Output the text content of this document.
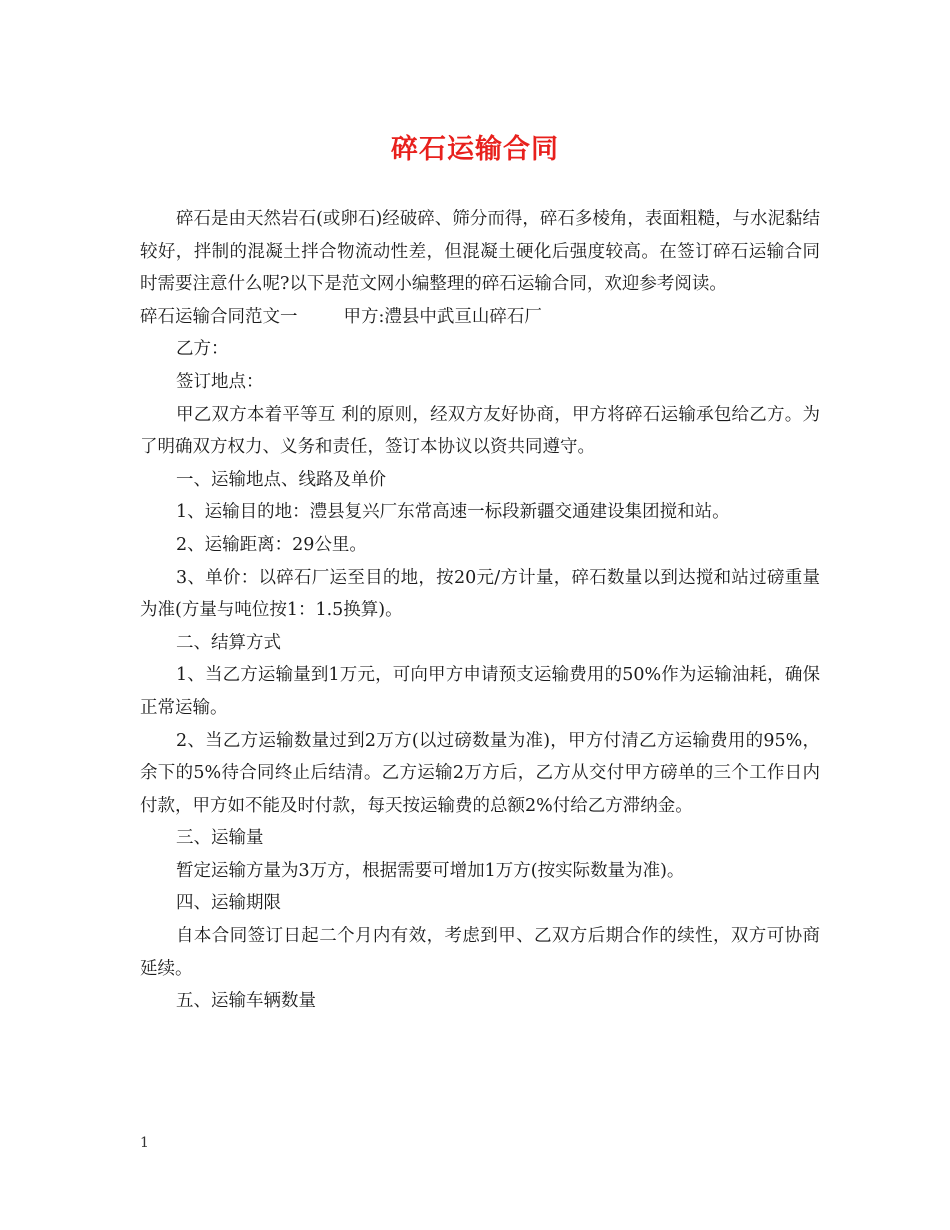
碎石运输合同

碎石是由天然岩石(或卵石)经破碎、筛分而得，碎石多棱角，表面粗糙，与水泥黏结较好，拌制的混凝土拌合物流动性差，但混凝土硬化后强度较高。在签订碎石运输合同时需要注意什么呢?以下是范文网小编整理的碎石运输合同，欢迎参考阅读。

碎石运输合同范文一	甲方:澧县中武亘山碎石厂

乙方：

签订地点：

甲乙双方本着平等互 利的原则，经双方友好协商，甲方将碎石运输承包给乙方。为了明确双方权力、义务和责任，签订本协议以资共同遵守。

一、运输地点、线路及单价

1、运输目的地：澧县复兴厂东常高速一标段新疆交通建设集团搅和站。

2、运输距离：29公里。

3、单价：以碎石厂运至目的地，按20元/方计量，碎石数量以到达搅和站过磅重量为准(方量与吨位按1：1.5换算)。

二、结算方式

1、当乙方运输量到1万元，可向甲方申请预支运输费用的50%作为运输油耗，确保正常运输。

2、当乙方运输数量过到2万方(以过磅数量为准)，甲方付清乙方运输费用的95%，余下的5%待合同终止后结清。乙方运输2万方后，乙方从交付甲方磅单的三个工作日内付款，甲方如不能及时付款，每天按运输费的总额2%付给乙方滞纳金。

三、运输量

暂定运输方量为3万方，根据需要可增加1万方(按实际数量为准)。

四、运输期限

自本合同签订日起二个月内有效，考虑到甲、乙双方后期合作的续性，双方可协商延续。

五、运输车辆数量

1
